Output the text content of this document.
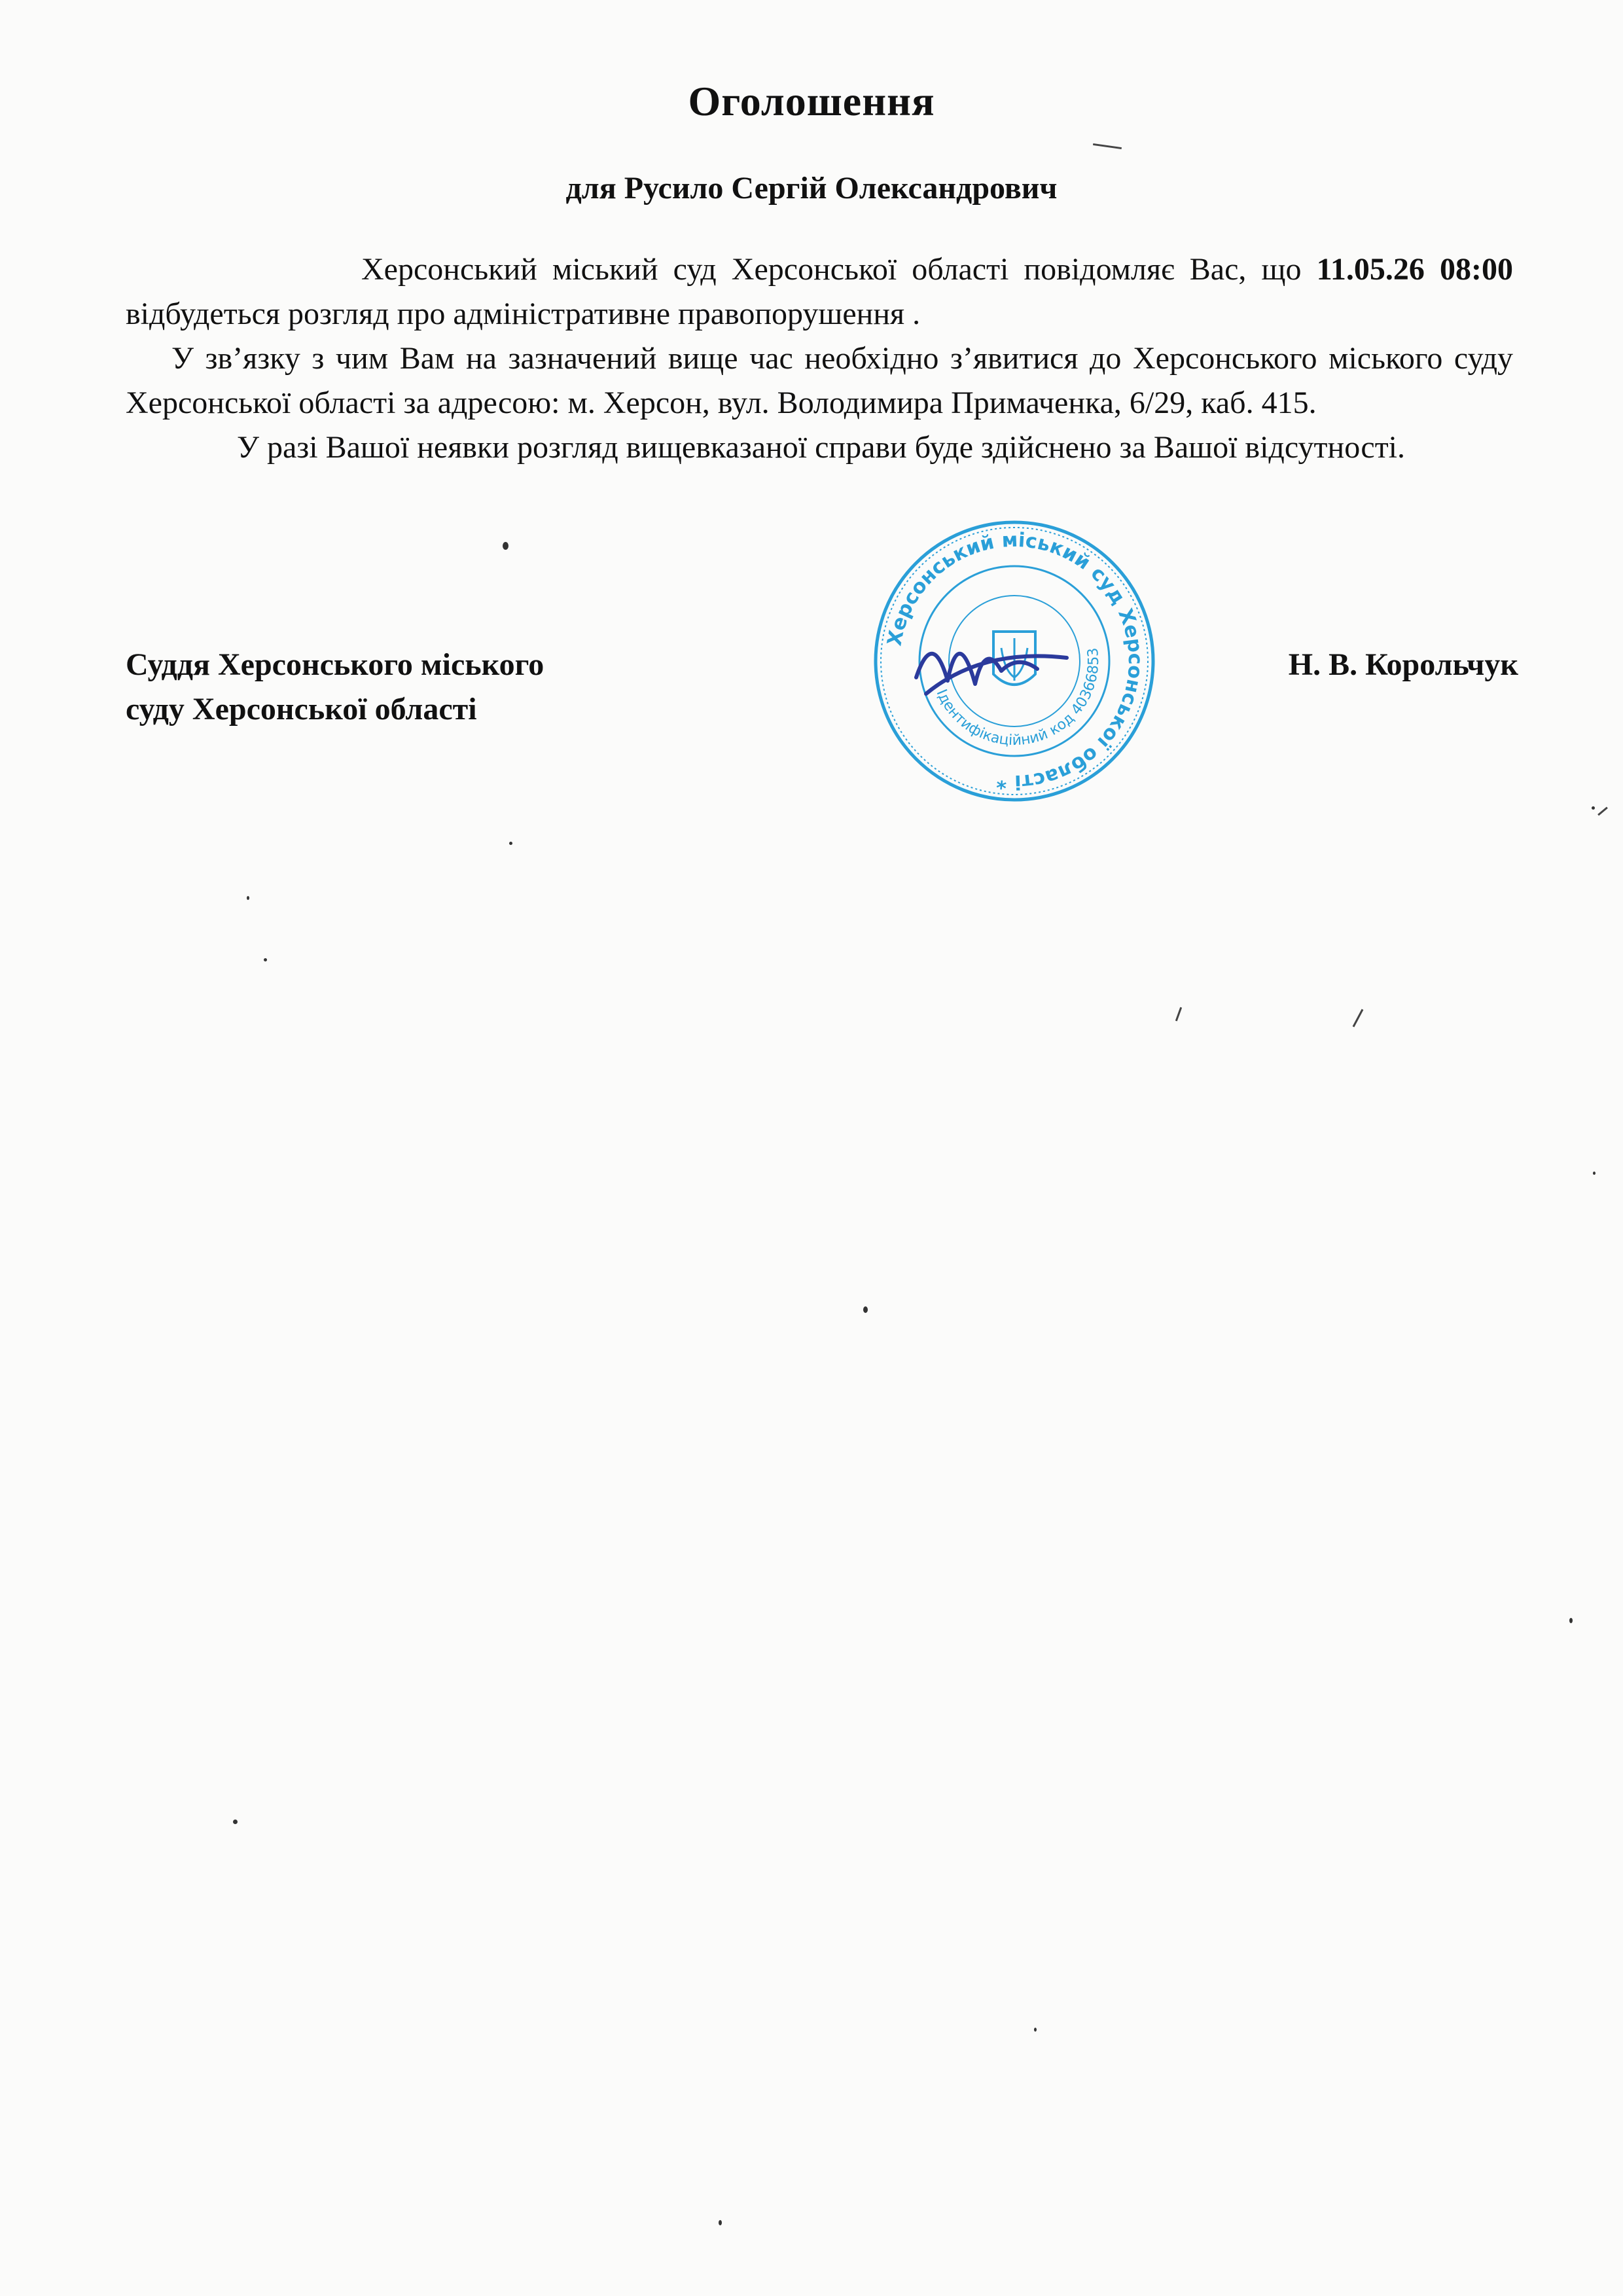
Оголошення
для Русило Сергій Олександрович

Херсонський міський суд Херсонської області повідомляє Вас, що 11.05.26 08:00 відбудеться розгляд про адміністративне правопорушення .

У зв’язку з чим Вам на зазначений вище час необхідно з’явитися до Херсонського міського суду Херсонської області за адресою: м. Херсон, вул. Володимира Примаченка, 6/29, каб. 415.

У разі Вашої неявки розгляд вищевказаної справи буде здійснено за Вашої відсутності.

Суддя Херсонського міського
суду Херсонської області
Н. В. Корольчук
Херсонський міський суд Херсонської області *
Ідентифікаційний код 40366853
